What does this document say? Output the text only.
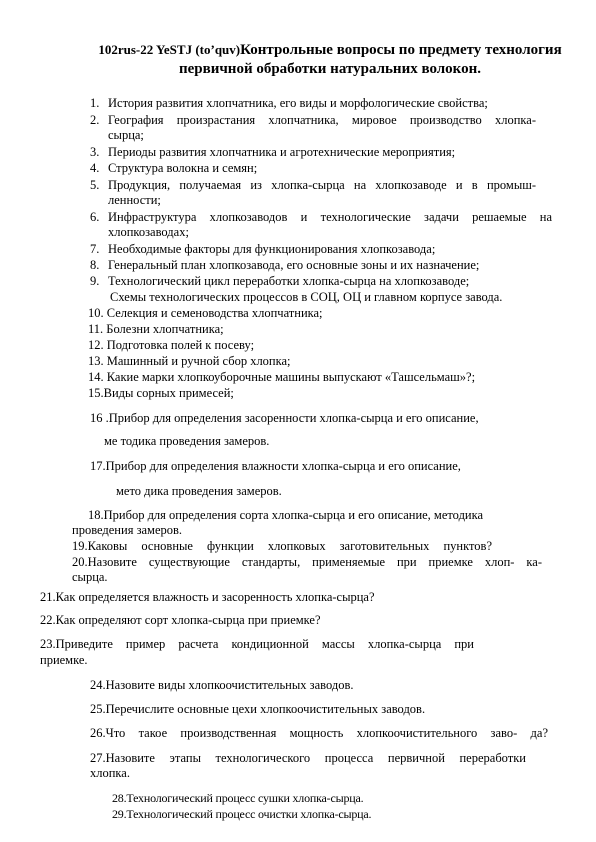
102rus-22 YeSTJ (to’quv)Контрольные вопросы по предмету технология
первичной обработки натуральних волокон.
1. История развития хлопчатника, его виды и морфологические свойства;
2. География произрастания хлопчатника, мировое производство хлопка-
сырца;
3. Периоды развития хлопчатника и агротехнические мероприятия;
4. Структура волокна и семян;
5. Продукция, получаемая из хлопка-сырца на хлопкозаводе и в промыш-
ленности;
6. Инфраструктура хлопкозаводов и технологические задачи решаемые на
хлопкозаводах;
7. Необходимые факторы для функционирования хлопкозавода;
8. Генеральный план хлопкозавода, его основные зоны и их назначение;
9. Технологический цикл переработки хлопка-сырца на хлопкозаводе;
Схемы технологических процессов в СОЦ, ОЦ и главном корпусе завода.
10. Селекция и семеноводства хлопчатника;
11. Болезни хлопчатника;
12. Подготовка полей к посеву;
13. Машинный и ручной сбор хлопка;
14. Какие марки хлопкоуборочные машины выпускают «Ташсельмаш»?;
15.Виды сорных примесей;
16 .Прибор для определения засоренности хлопка-сырца и его описание,
ме тодика проведения замеров.
17.Прибор для определения влажности хлопка-сырца и его описание,
мето дика проведения замеров.
18.Прибор для определения сорта хлопка-сырца и его описание, методика
проведения замеров.
19.Каковы основные функции хлопковых заготовительных пунктов?
20.Назовите существующие стандарты, применяемые при приемке хлоп- ка-
сырца.
21.Как определяется влажность и засоренность хлопка-сырца?
22.Как определяют сорт хлопка-сырца при приемке?
23.Приведите пример расчета кондиционной массы хлопка-сырца при
приемке.
24.Назовите виды хлопкоочистительных заводов.
25.Перечислите основные цехи хлопкоочистительных заводов.
26.Что такое производственная мощность хлопкоочистительного заво- да?
27.Назовите этапы технологического процесса первичной переработки
хлопка.
28.Технологический процесс сушки хлопка-сырца.
29.Технологический процесс очистки хлопка-сырца.
